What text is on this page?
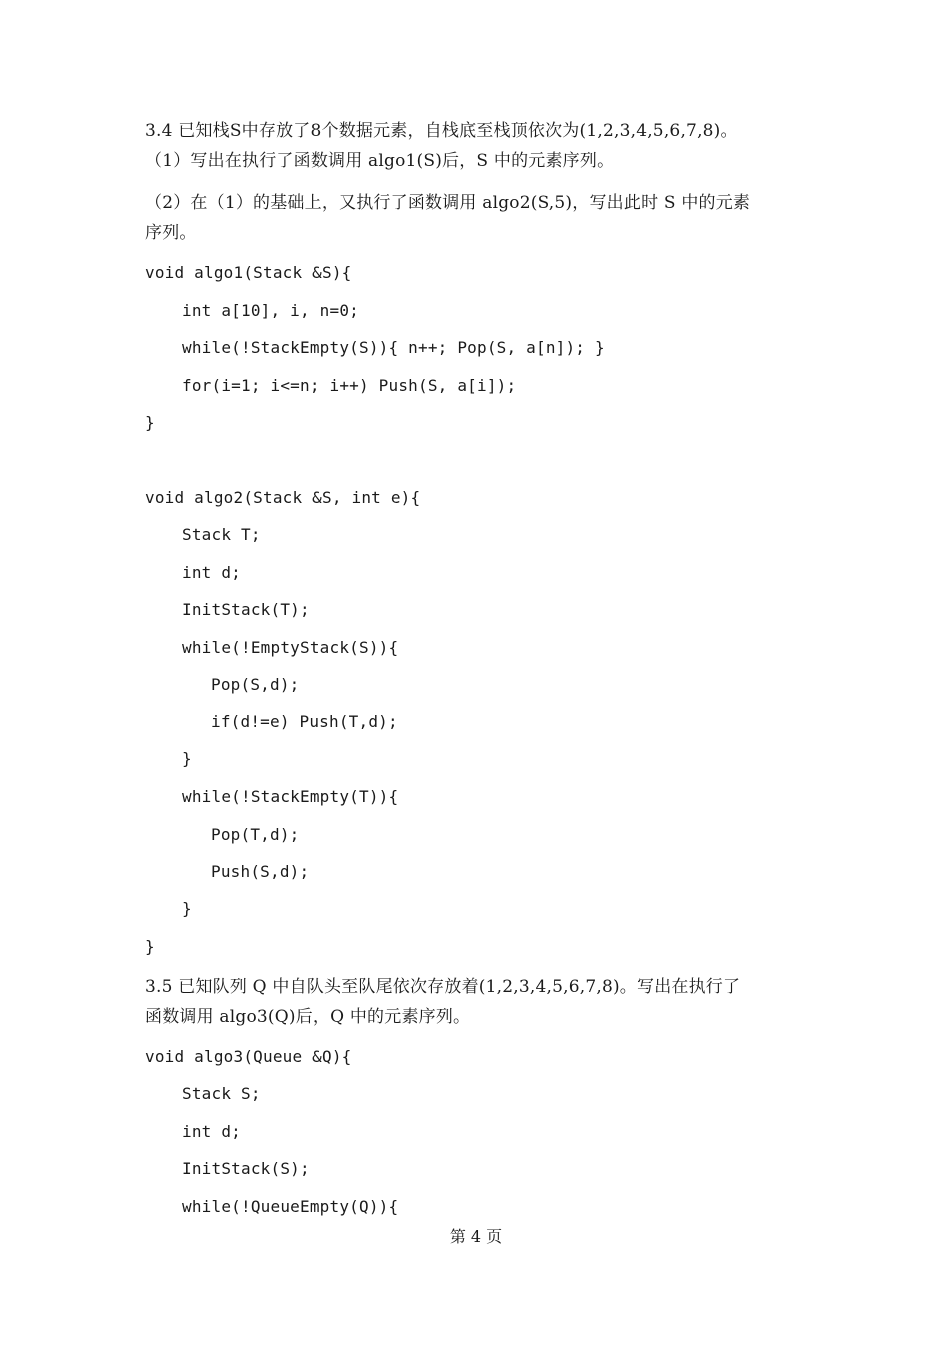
3.4 已知栈S中存放了8个数据元素，自栈底至栈顶依次为(1,2,3,4,5,6,7,8)。
（1）写出在执行了函数调用 algo1(S)后，S 中的元素序列。
（2）在（1）的基础上，又执行了函数调用 algo2(S,5)，写出此时 S 中的元素
序列。
void algo1(Stack &S){
int a[10], i, n=0;
while(!StackEmpty(S)){ n++; Pop(S, a[n]); }
for(i=1; i<=n; i++) Push(S, a[i]);
}
void algo2(Stack &S, int e){
Stack T;
int d;
InitStack(T);
while(!EmptyStack(S)){
Pop(S,d);
if(d!=e) Push(T,d);
}
while(!StackEmpty(T)){
Pop(T,d);
Push(S,d);
}
}
3.5 已知队列 Q 中自队头至队尾依次存放着(1,2,3,4,5,6,7,8)。写出在执行了
函数调用 algo3(Q)后，Q 中的元素序列。
void algo3(Queue &Q){
Stack S;
int d;
InitStack(S);
while(!QueueEmpty(Q)){
第 4 页
